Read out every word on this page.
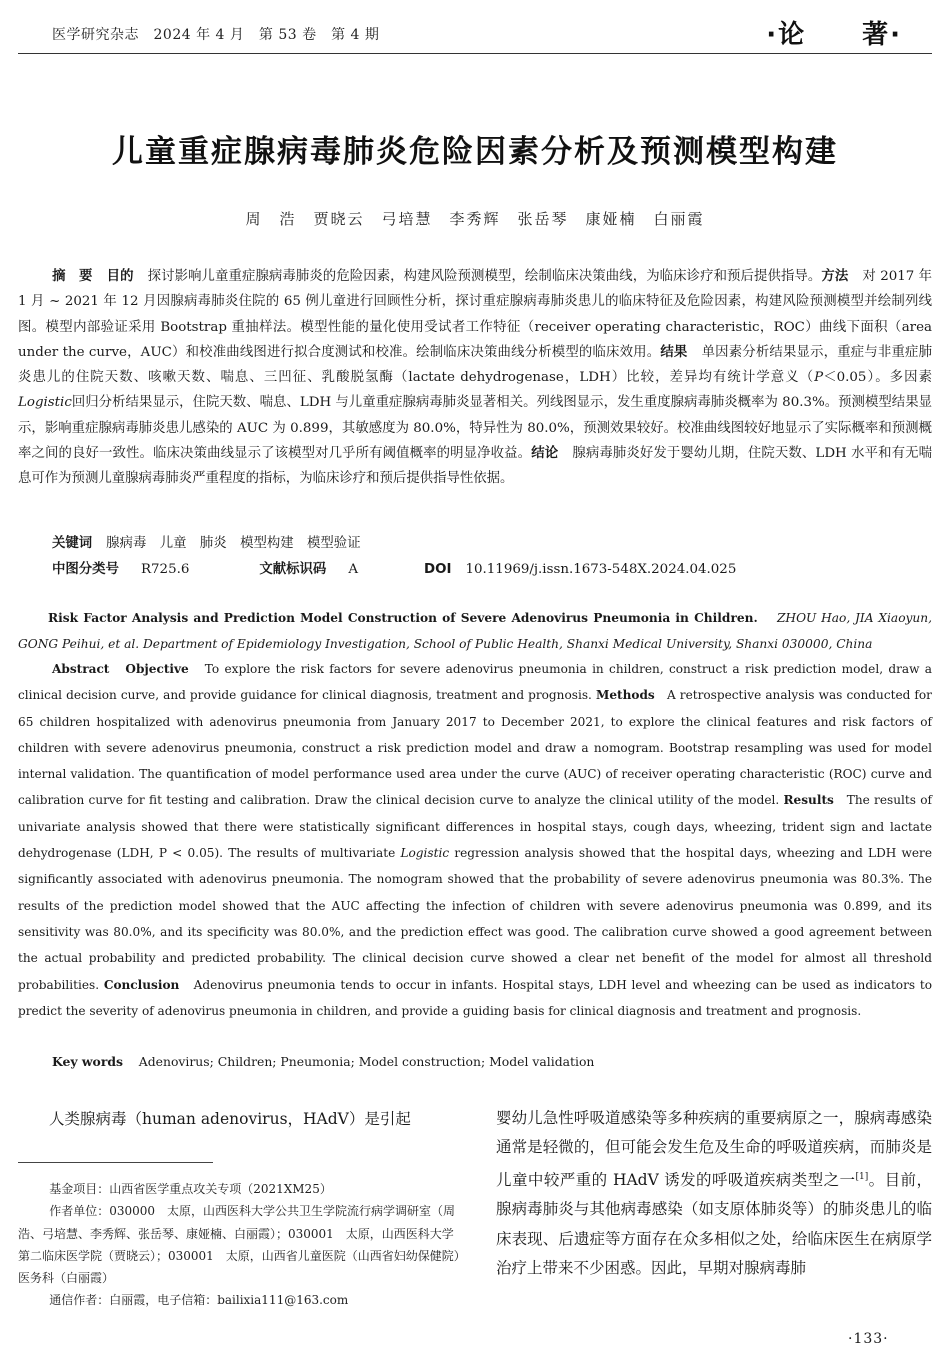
医学研究杂志　2024 年 4 月　第 53 卷　第 4 期	·论　　著·
儿童重症腺病毒肺炎危险因素分析及预测模型构建
周　浩　贾晓云　弓培慧　李秀辉　张岳琴　康娅楠　白丽霞
摘　要 目的 探讨影响儿童重症腺病毒肺炎的危险因素，构建风险预测模型，绘制临床决策曲线，为临床诊疗和预后提供指导。方法 对 2017 年 1 月 ~ 2021 年 12 月因腺病毒肺炎住院的 65 例儿童进行回顾性分析，探讨重症腺病毒肺炎患儿的临床特征及危险因素，构建风险预测模型并绘制列线图。模型内部验证采用 Bootstrap 重抽样法。模型性能的量化使用受试者工作特征（receiver operating characteristic，ROC）曲线下面积（area under the curve，AUC）和校准曲线图进行拟合度测试和校准。绘制临床决策曲线分析模型的临床效用。结果 单因素分析结果显示，重症与非重症肺炎患儿的住院天数、咳嗽天数、喘息、三凹征、乳酸脱氢酶（lactate dehydrogenase，LDH）比较，差异均有统计学意义（P＜0.05）。多因素Logistic回归分析结果显示，住院天数、喘息、LDH 与儿童重症腺病毒肺炎显著相关。列线图显示，发生重度腺病毒肺炎概率为 80.3%。预测模型结果显示，影响重症腺病毒肺炎患儿感染的 AUC 为 0.899，其敏感度为 80.0%，特异性为 80.0%，预测效果较好。校准曲线图较好地显示了实际概率和预测概率之间的良好一致性。临床决策曲线显示了该模型对几乎所有阈值概率的明显净收益。结论 腺病毒肺炎好发于婴幼儿期，住院天数、LDH 水平和有无喘息可作为预测儿童腺病毒肺炎严重程度的指标，为临床诊疗和预后提供指导性依据。
关键词 腺病毒　儿童　肺炎　模型构建　模型验证
中图分类号 R725.6	文献标识码 A	DOI 10.11969/j.issn.1673-548X.2024.04.025
Risk Factor Analysis and Prediction Model Construction of Severe Adenovirus Pneumonia in Children. ZHOU Hao, JIA Xiaoyun, GONG Peihui, et al. Department of Epidemiology Investigation, School of Public Health, Shanxi Medical University, Shanxi 030000, China
Abstract Objective To explore the risk factors for severe adenovirus pneumonia in children, construct a risk prediction model, draw a clinical decision curve, and provide guidance for clinical diagnosis, treatment and prognosis. Methods A retrospective analysis was conducted for 65 children hospitalized with adenovirus pneumonia from January 2017 to December 2021, to explore the clinical features and risk factors of children with severe adenovirus pneumonia, construct a risk prediction model and draw a nomogram. Bootstrap resampling was used for model internal validation. The quantification of model performance used area under the curve (AUC) of receiver operating characteristic (ROC) curve and calibration curve for fit testing and calibration. Draw the clinical decision curve to analyze the clinical utility of the model. Results The results of univariate analysis showed that there were statistically significant differences in hospital stays, cough days, wheezing, trident sign and lactate dehydrogenase (LDH, P < 0.05). The results of multivariate Logistic regression analysis showed that the hospital days, wheezing and LDH were significantly associated with adenovirus pneumonia. The nomogram showed that the probability of severe adenovirus pneumonia was 80.3%. The results of the prediction model showed that the AUC affecting the infection of children with severe adenovirus pneumonia was 0.899, and its sensitivity was 80.0%, and its specificity was 80.0%, and the prediction effect was good. The calibration curve showed a good agreement between the actual probability and predicted probability. The clinical decision curve showed a clear net benefit of the model for almost all threshold probabilities. Conclusion Adenovirus pneumonia tends to occur in infants. Hospital stays, LDH level and wheezing can be used as indicators to predict the severity of adenovirus pneumonia in children, and provide a guiding basis for clinical diagnosis and treatment and prognosis.
Key words Adenovirus; Children; Pneumonia; Model construction; Model validation
人类腺病毒（human adenovirus，HAdV）是引起
基金项目：山西省医学重点攻关专项（2021XM25）
作者单位：030000　太原，山西医科大学公共卫生学院流行病学调研室（周浩、弓培慧、李秀辉、张岳琴、康娅楠、白丽霞）；030001　太原，山西医科大学第二临床医学院（贾晓云）；030001　太原，山西省儿童医院（山西省妇幼保健院）医务科（白丽霞）
通信作者：白丽霞，电子信箱：bailixia111@163.com
婴幼儿急性呼吸道感染等多种疾病的重要病原之一，腺病毒感染通常是轻微的，但可能会发生危及生命的呼吸道疾病，而肺炎是儿童中较严重的 HAdV 诱发的呼吸道疾病类型之一[1]。目前，腺病毒肺炎与其他病毒感染（如支原体肺炎等）的肺炎患儿的临床表现、后遗症等方面存在众多相似之处，给临床医生在病原学治疗上带来不少困惑。因此，早期对腺病毒肺
·133·
